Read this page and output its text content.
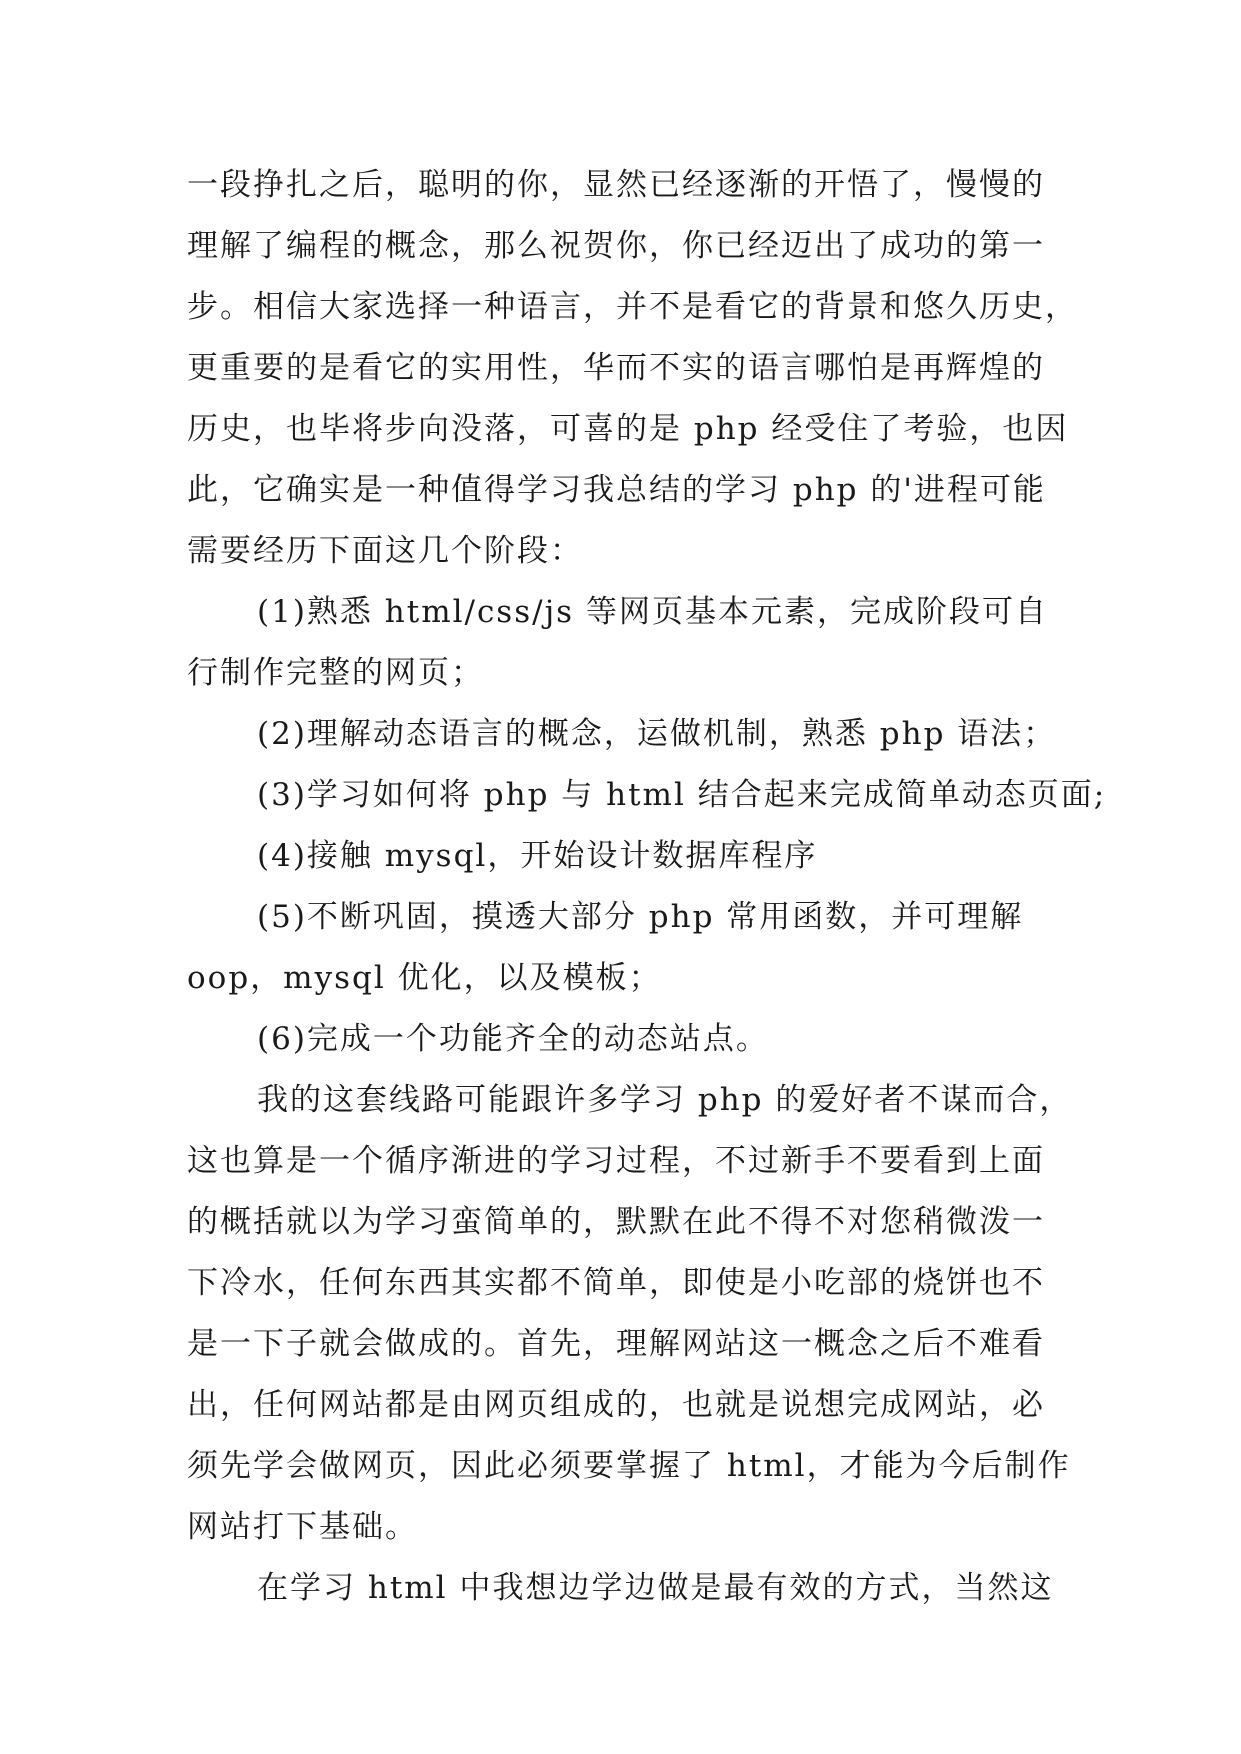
一段挣扎之后，聪明的你，显然已经逐渐的开悟了，慢慢的
理解了编程的概念，那么祝贺你，你已经迈出了成功的第一
步。相信大家选择一种语言，并不是看它的背景和悠久历史，
更重要的是看它的实用性，华而不实的语言哪怕是再辉煌的
历史，也毕将步向没落，可喜的是 php 经受住了考验，也因
此，它确实是一种值得学习我总结的学习 php 的'进程可能
需要经历下面这几个阶段：
(1)熟悉 html/css/js 等网页基本元素，完成阶段可自
行制作完整的网页；
(2)理解动态语言的概念，运做机制，熟悉 php 语法；
(3)学习如何将 php 与 html 结合起来完成简单动态页面;
(4)接触 mysql，开始设计数据库程序
(5)不断巩固，摸透大部分 php 常用函数，并可理解
oop，mysql 优化，以及模板；
(6)完成一个功能齐全的动态站点。
我的这套线路可能跟许多学习 php 的爱好者不谋而合，
这也算是一个循序渐进的学习过程，不过新手不要看到上面
的概括就以为学习蛮简单的，默默在此不得不对您稍微泼一
下冷水，任何东西其实都不简单，即使是小吃部的烧饼也不
是一下子就会做成的。首先，理解网站这一概念之后不难看
出，任何网站都是由网页组成的，也就是说想完成网站，必
须先学会做网页，因此必须要掌握了 html，才能为今后制作
网站打下基础。
在学习 html 中我想边学边做是最有效的方式，当然这
